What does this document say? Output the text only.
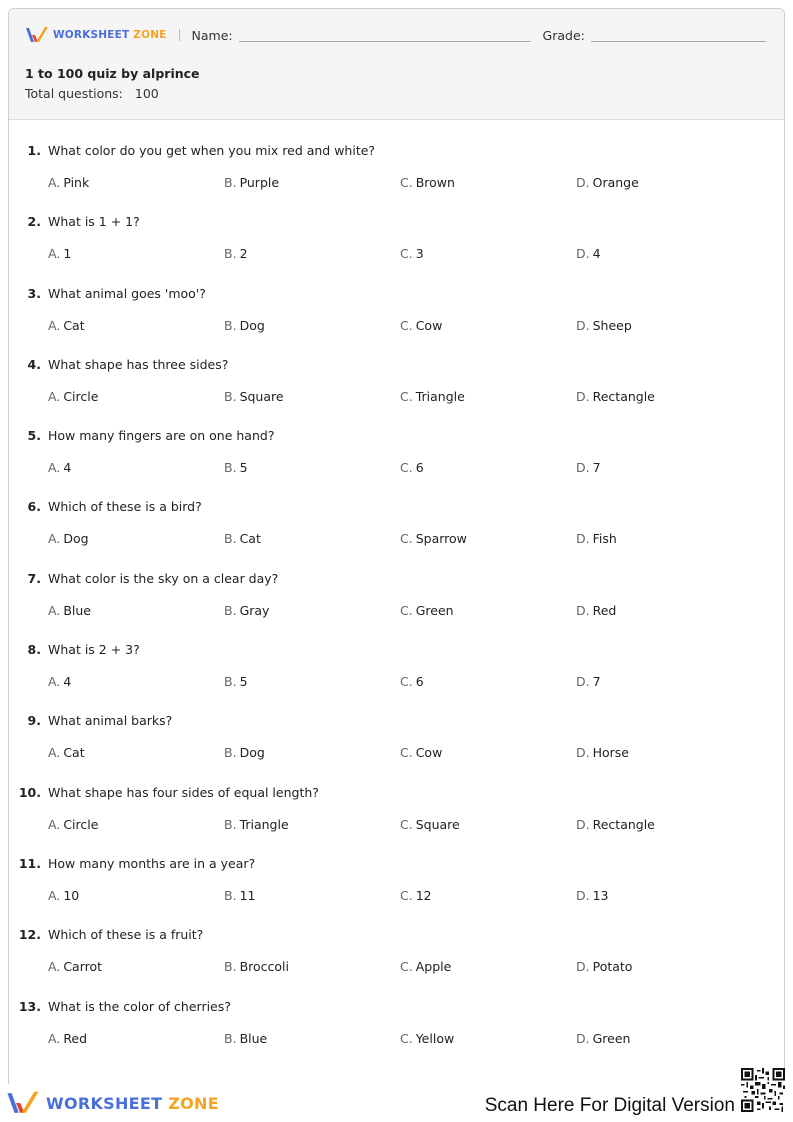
WORKSHEET ZONE Name:	Grade:
1 to 100 quiz by alprince
Total questions: 100
1. What color do you get when you mix red and white?
A. Pink	B. Purple	C. Brown	D. Orange
2. What is 1 + 1?
A. 1	B. 2	C. 3	D. 4
3. What animal goes 'moo'?
A. Cat	B. Dog	C. Cow	D. Sheep
4. What shape has three sides?
A. Circle	B. Square	C. Triangle	D. Rectangle
5. How many fingers are on one hand?
A. 4	B. 5	C. 6	D. 7
6. Which of these is a bird?
A. Dog	B. Cat	C. Sparrow	D. Fish
7. What color is the sky on a clear day?
A. Blue	B. Gray	C. Green	D. Red
8. What is 2 + 3?
A. 4	B. 5	C. 6	D. 7
9. What animal barks?
A. Cat	B. Dog	C. Cow	D. Horse
10. What shape has four sides of equal length?
A. Circle	B. Triangle	C. Square	D. Rectangle
11. How many months are in a year?
A. 10	B. 11	C. 12	D. 13
12. Which of these is a fruit?
A. Carrot	B. Broccoli	C. Apple	D. Potato
13. What is the color of cherries?
A. Red	B. Blue	C. Yellow	D. Green
WORKSHEET ZONE	Scan Here For Digital Version
